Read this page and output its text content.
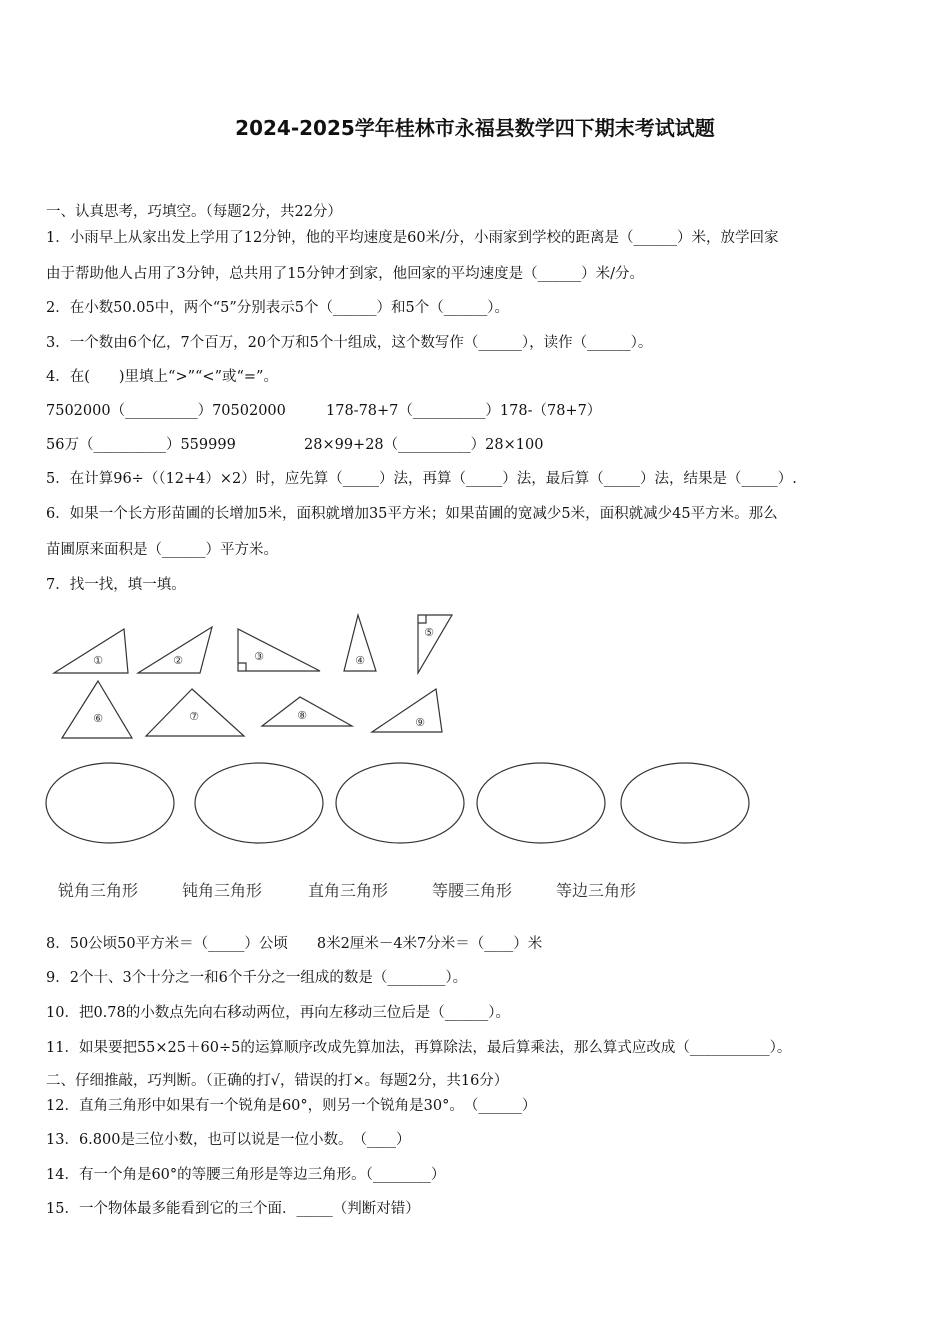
2024-2025学年桂林市永福县数学四下期末考试试题
一、认真思考，巧填空。（每题2分，共22分）
1．小雨早上从家出发上学用了12分钟，他的平均速度是60米/分，小雨家到学校的距离是（______）米，放学回家
由于帮助他人占用了3分钟，总共用了15分钟才到家，他回家的平均速度是（______）米/分。
2．在小数50.05中，两个“5”分别表示5个（______）和5个（______）。
3．一个数由6个亿，7个百万，20个万和5个十组成，这个数写作（______），读作（______）。
4．在(　　)里填上“>”“<”或“=”。
7502000（__________）70502000	178-78+7（__________）178-（78+7）
56万（__________）559999	28×99+28（__________）28×100
5．在计算96÷（（12+4）×2）时，应先算（_____）法，再算（_____）法，最后算（_____）法，结果是（_____）.
6．如果一个长方形苗圃的长增加5米，面积就增加35平方米；如果苗圃的宽减少5米，面积就减少45平方米。那么
苗圃原来面积是（______）平方米。
7．找一找，填一填。
①	②	③	④
⑤
⑥	⑦	⑧
⑨
锐角三角形	钝角三角形	直角三角形	等腰三角形	等边三角形
8．50公顷50平方米＝（_____）公顷　　8米2厘米－4米7分米＝（____）米
9．2个十、3个十分之一和6个千分之一组成的数是（________）。
10．把0.78的小数点先向右移动两位，再向左移动三位后是（______）。
11．如果要把55×25＋60÷5的运算顺序改成先算加法，再算除法，最后算乘法，那么算式应改成（___________）。
二、仔细推敲，巧判断。（正确的打√，错误的打×。每题2分，共16分）
12．直角三角形中如果有一个锐角是60°，则另一个锐角是30°。　（______）
13．6.800是三位小数，也可以说是一位小数。　（____）
14．有一个角是60°的等腰三角形是等边三角形。（________）
15．一个物体最多能看到它的三个面．_____（判断对错）
